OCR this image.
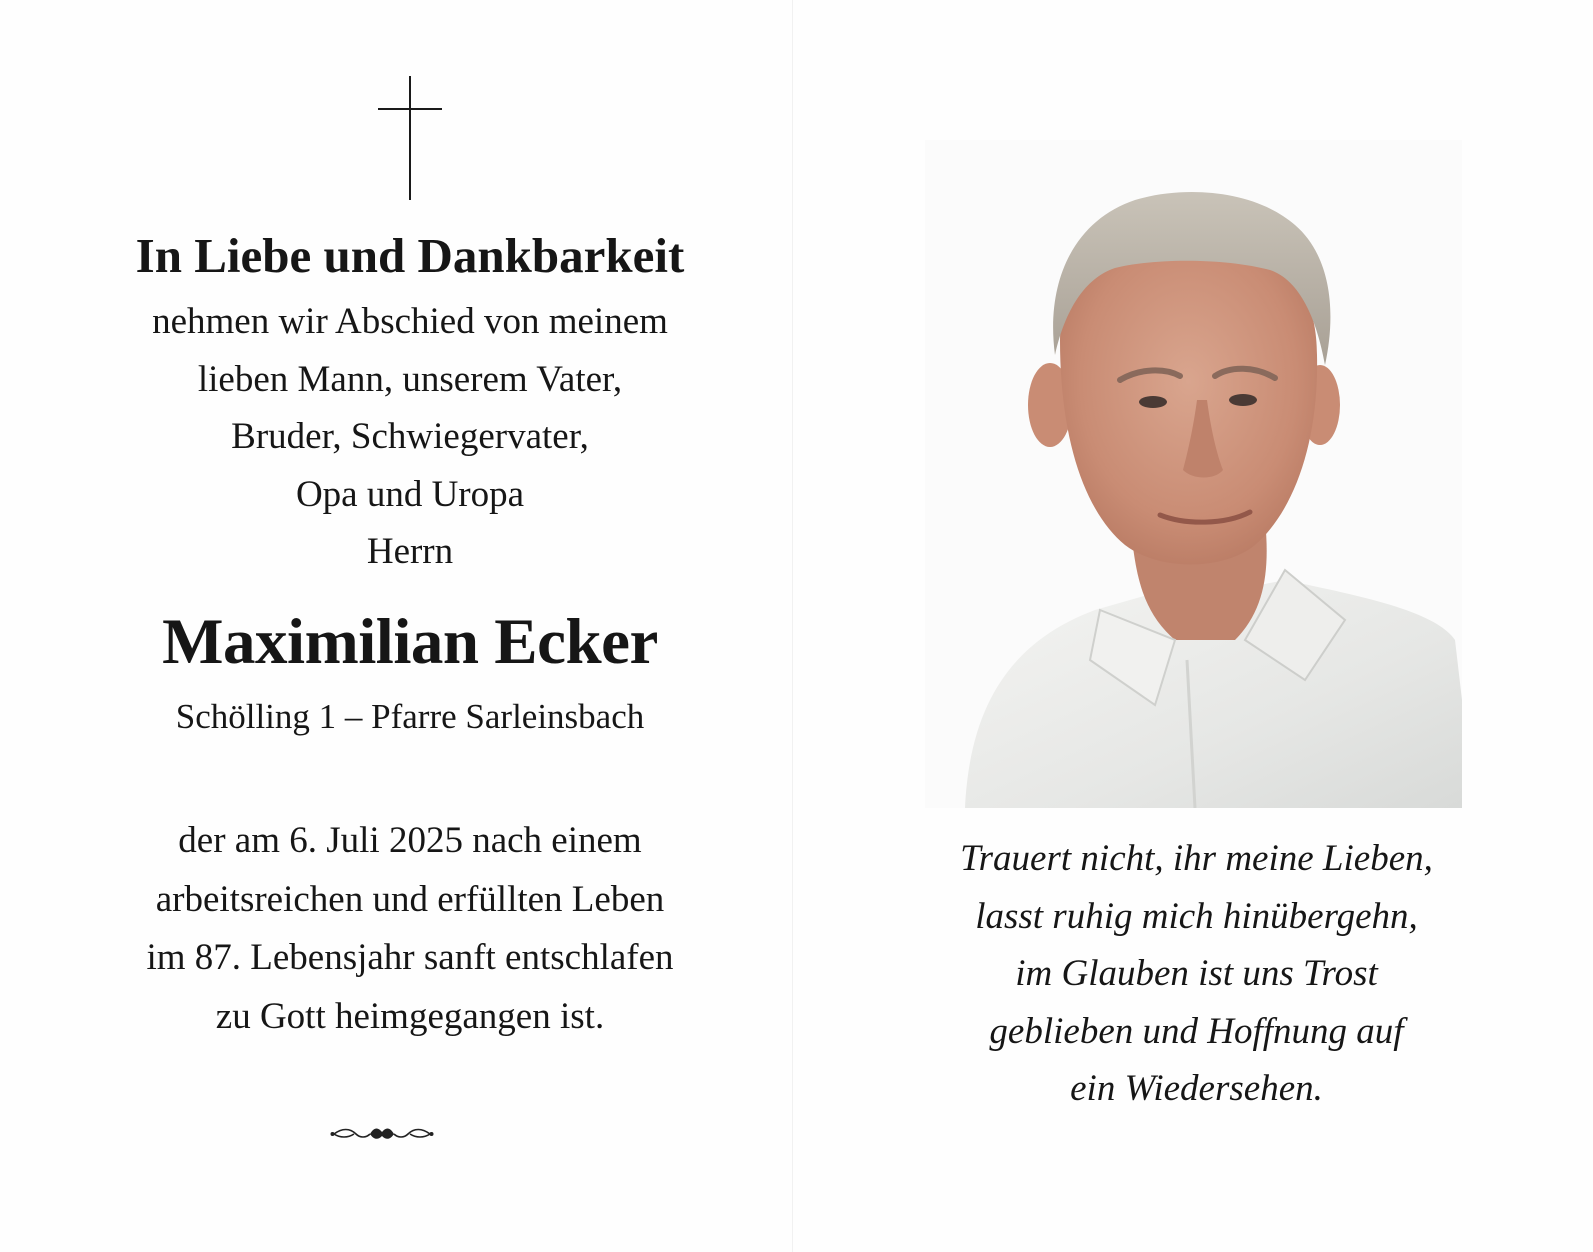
In Liebe und Dankbarkeit
nehmen wir Abschied von meinem
lieben Mann, unserem Vater,
Bruder, Schwiegervater,
Opa und Uropa
Herrn
Maximilian Ecker
Schölling 1 – Pfarre Sarleinsbach
der am 6. Juli 2025 nach einem
arbeitsreichen und erfüllten Leben
im 87. Lebensjahr sanft entschlafen
zu Gott heimgegangen ist.
Trauert nicht, ihr meine Lieben,
lasst ruhig mich hinübergehn,
im Glauben ist uns Trost
geblieben und Hoffnung auf
ein Wiedersehen.
